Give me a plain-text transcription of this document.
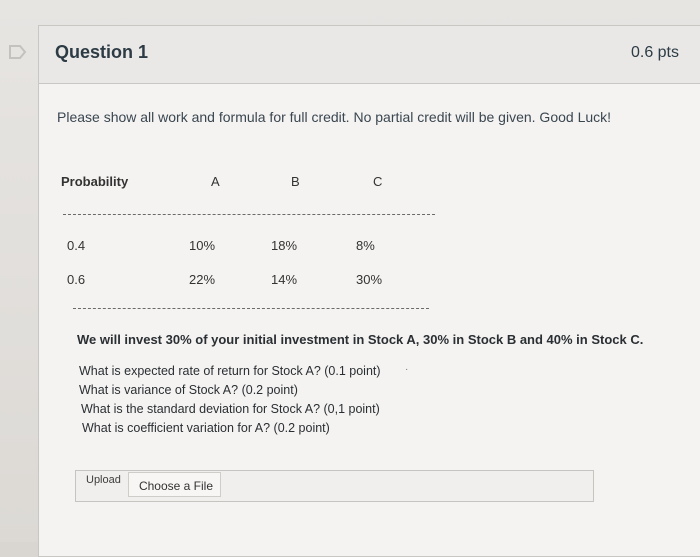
Question 1	0.6 pts
Please show all work and formula for full credit. No partial credit will be given. Good Luck!
Probability	A	B	C
0.4	10%	18%	8%
0.6	22%	14%	30%
We will invest 30% of your initial investment in Stock A, 30% in Stock B and 40% in Stock C.
What is expected rate of return for Stock A? (0.1 point)
What is variance of Stock A? (0.2 point)
What is the standard deviation for Stock A? (0,1 point)
What is coefficient variation for A? (0.2 point)
·
Upload	Choose a File
